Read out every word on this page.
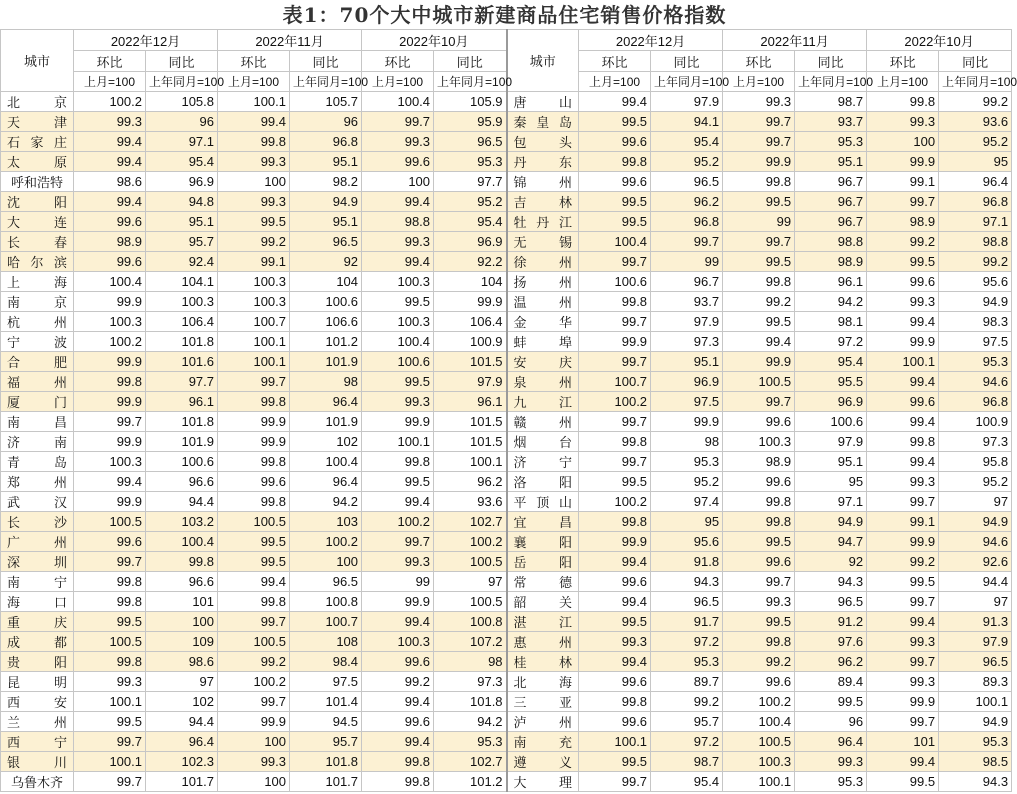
表1：70个大中城市新建商品住宅销售价格指数
城市	2022年12月		2022年11月		2022年10月		城市	2022年12月		2022年11月		2022年10月	
	环比	同比	环比	同比	环比	同比		环比	同比	环比	同比	环比	同比
	上月=100	上年同月=100	上月=100	上年同月=100	上月=100	上年同月=100		上月=100	上年同月=100	上月=100	上年同月=100	上月=100	上年同月=100
北京	100.2	105.8	100.1	105.7	100.4	105.9	唐山	99.4	97.9	99.3	98.7	99.8	99.2
天津	99.3	96	99.4	96	99.7	95.9	秦皇岛	99.5	94.1	99.7	93.7	99.3	93.6
石家庄	99.4	97.1	99.8	96.8	99.3	96.5	包头	99.6	95.4	99.7	95.3	100	95.2
太原	99.4	95.4	99.3	95.1	99.6	95.3	丹东	99.8	95.2	99.9	95.1	99.9	95
呼和浩特	98.6	96.9	100	98.2	100	97.7	锦州	99.6	96.5	99.8	96.7	99.1	96.4
沈阳	99.4	94.8	99.3	94.9	99.4	95.2	吉林	99.5	96.2	99.5	96.7	99.7	96.8
大连	99.6	95.1	99.5	95.1	98.8	95.4	牡丹江	99.5	96.8	99	96.7	98.9	97.1
长春	98.9	95.7	99.2	96.5	99.3	96.9	无锡	100.4	99.7	99.7	98.8	99.2	98.8
哈尔滨	99.6	92.4	99.1	92	99.4	92.2	徐州	99.7	99	99.5	98.9	99.5	99.2
上海	100.4	104.1	100.3	104	100.3	104	扬州	100.6	96.7	99.8	96.1	99.6	95.6
南京	99.9	100.3	100.3	100.6	99.5	99.9	温州	99.8	93.7	99.2	94.2	99.3	94.9
杭州	100.3	106.4	100.7	106.6	100.3	106.4	金华	99.7	97.9	99.5	98.1	99.4	98.3
宁波	100.2	101.8	100.1	101.2	100.4	100.9	蚌埠	99.9	97.3	99.4	97.2	99.9	97.5
合肥	99.9	101.6	100.1	101.9	100.6	101.5	安庆	99.7	95.1	99.9	95.4	100.1	95.3
福州	99.8	97.7	99.7	98	99.5	97.9	泉州	100.7	96.9	100.5	95.5	99.4	94.6
厦门	99.9	96.1	99.8	96.4	99.3	96.1	九江	100.2	97.5	99.7	96.9	99.6	96.8
南昌	99.7	101.8	99.9	101.9	99.9	101.5	赣州	99.7	99.9	99.6	100.6	99.4	100.9
济南	99.9	101.9	99.9	102	100.1	101.5	烟台	99.8	98	100.3	97.9	99.8	97.3
青岛	100.3	100.6	99.8	100.4	99.8	100.1	济宁	99.7	95.3	98.9	95.1	99.4	95.8
郑州	99.4	96.6	99.6	96.4	99.5	96.2	洛阳	99.5	95.2	99.6	95	99.3	95.2
武汉	99.9	94.4	99.8	94.2	99.4	93.6	平顶山	100.2	97.4	99.8	97.1	99.7	97
长沙	100.5	103.2	100.5	103	100.2	102.7	宜昌	99.8	95	99.8	94.9	99.1	94.9
广州	99.6	100.4	99.5	100.2	99.7	100.2	襄阳	99.9	95.6	99.5	94.7	99.9	94.6
深圳	99.7	99.8	99.5	100	99.3	100.5	岳阳	99.4	91.8	99.6	92	99.2	92.6
南宁	99.8	96.6	99.4	96.5	99	97	常德	99.6	94.3	99.7	94.3	99.5	94.4
海口	99.8	101	99.8	100.8	99.9	100.5	韶关	99.4	96.5	99.3	96.5	99.7	97
重庆	99.5	100	99.7	100.7	99.4	100.8	湛江	99.5	91.7	99.5	91.2	99.4	91.3
成都	100.5	109	100.5	108	100.3	107.2	惠州	99.3	97.2	99.8	97.6	99.3	97.9
贵阳	99.8	98.6	99.2	98.4	99.6	98	桂林	99.4	95.3	99.2	96.2	99.7	96.5
昆明	99.3	97	100.2	97.5	99.2	97.3	北海	99.6	89.7	99.6	89.4	99.3	89.3
西安	100.1	102	99.7	101.4	99.4	101.8	三亚	99.8	99.2	100.2	99.5	99.9	100.1
兰州	99.5	94.4	99.9	94.5	99.6	94.2	泸州	99.6	95.7	100.4	96	99.7	94.9
西宁	99.7	96.4	100	95.7	99.4	95.3	南充	100.1	97.2	100.5	96.4	101	95.3
银川	100.1	102.3	99.3	101.8	99.8	102.7	遵义	99.5	98.7	100.3	99.3	99.4	98.5
乌鲁木齐	99.7	101.7	100	101.7	99.8	101.2	大理	99.7	95.4	100.1	95.3	99.5	94.3
